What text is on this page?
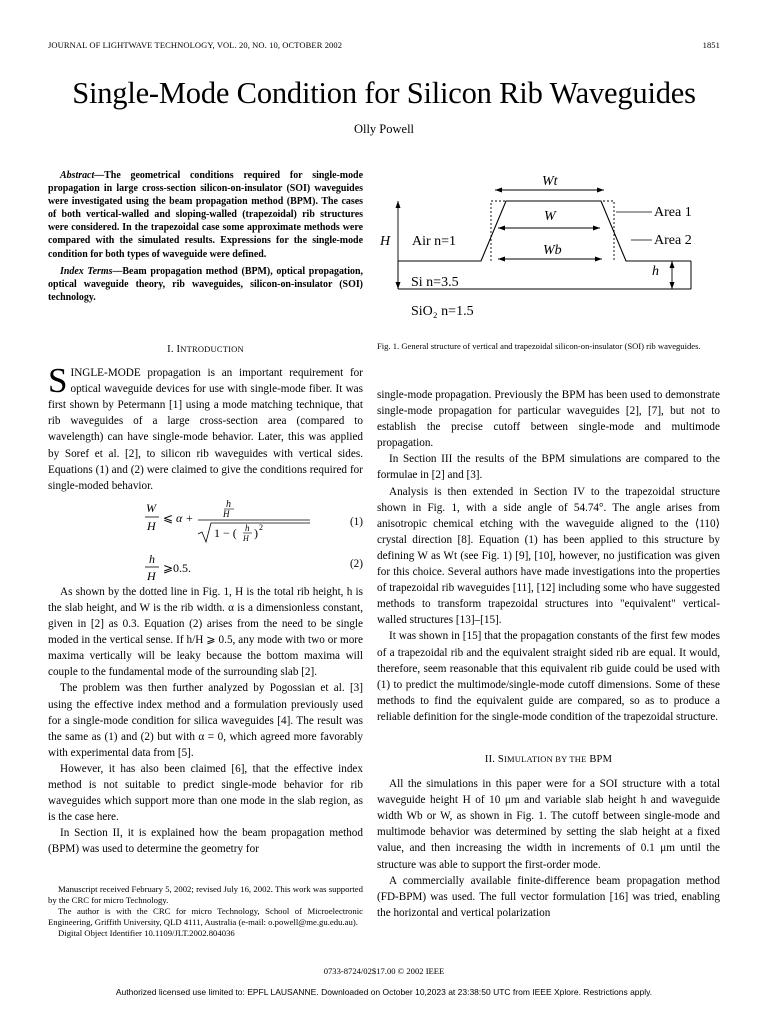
JOURNAL OF LIGHTWAVE TECHNOLOGY, VOL. 20, NO. 10, OCTOBER 2002	1851
Single-Mode Condition for Silicon Rib Waveguides
Olly Powell

Abstract—The geometrical conditions required for single-mode propagation in large cross-section silicon-on-insulator (SOI) waveguides were investigated using the beam propagation method (BPM). The cases of both vertical-walled and sloping-walled (trapezoidal) rib structures were considered. In the trapezoidal case some approximate methods were compared with the simulated results. Expressions for the single-mode condition for both types of waveguide were defined.

Index Terms—Beam propagation method (BPM), optical propagation, optical waveguide theory, rib waveguides, silicon-on-insulator (SOI) technology.

I. INTRODUCTION

SINGLE-MODE propagation is an important requirement for optical waveguide devices for use with single-mode fiber. It was first shown by Petermann [1] using a mode matching technique, that rib waveguides of a large cross-section area (compared to wavelength) can have single-mode behavior. Later, this was applied by Soref et al. [2], to silicon rib waveguides with vertical sides. Equations (1) and (2) were claimed to give the conditions required for single-moded behavior.

W
H
⩽ α +
h
H
1 − ( h
H ) 2	(1)
h
H
⩾0.5.	(2)

As shown by the dotted line in Fig. 1, H is the total rib height, h is the slab height, and W is the rib width. α is a dimensionless constant, given in [2] as 0.3. Equation (2) arises from the need to be single moded in the vertical sense. If h/H ⩾ 0.5, any mode with two or more maxima vertically will be leaky because the bottom maxima will couple to the fundamental mode of the surrounding slab [2].

The problem was then further analyzed by Pogossian et al. [3] using the effective index method and a formulation previously used for a single-mode condition for silica waveguides [4]. The result was the same as (1) and (2) but with α = 0, which agreed more favorably with experimental data from [5].

However, it has also been claimed [6], that the effective index method is not suitable to predict single-mode behavior for rib waveguides which support more than one mode in the slab region, as is the case here.

In Section II, it is explained how the beam propagation method (BPM) was used to determine the geometry for

Manuscript received February 5, 2002; revised July 16, 2002. This work was supported by the CRC for micro Technology.

The author is with the CRC for micro Technology, School of Microelectronic Engineering, Griffith University, QLD 4111, Australia (e-mail: o.powell@me.gu.edu.au).

Digital Object Identifier 10.1109/JLT.2002.804036

Wt
W
Wb
H
h
Area 1
Area 2
Air n=1
Si n=3.5
SiO₂ n=1.5
Fig. 1. General structure of vertical and trapezoidal silicon-on-insulator (SOI) rib waveguides.

single-mode propagation. Previously the BPM has been used to demonstrate single-mode propagation for particular waveguides [2], [7], but not to establish the precise cutoff between single-mode and multimode propagation.

In Section III the results of the BPM simulations are compared to the formulae in [2] and [3].

Analysis is then extended in Section IV to the trapezoidal structure shown in Fig. 1, with a side angle of 54.74°. The angle arises from anisotropic chemical etching with the waveguide aligned to the ⟨110⟩ crystal direction [8]. Equation (1) has been applied to this structure by defining W as Wt (see Fig. 1) [9], [10], however, no justification was given for this choice. Several authors have made investigations into the properties of trapezoidal rib waveguides [11], [12] including some who have suggested methods to transform trapezoidal structures into "equivalent" vertical-walled structures [13]–[15].

It was shown in [15] that the propagation constants of the first few modes of a trapezoidal rib and the equivalent straight sided rib are equal. It would, therefore, seem reasonable that this equivalent rib guide could be used with (1) to predict the multimode/single-mode cutoff dimensions. Some of these methods to find the equivalent guide are compared, so as to produce a reliable definition for the single-mode condition of the trapezoidal structure.

II. SIMULATION BY THE BPM

All the simulations in this paper were for a SOI structure with a total waveguide height H of 10 μm and variable slab height h and waveguide width Wb or W, as shown in Fig. 1. The cutoff between single-mode and multimode behavior was determined by setting the slab height at a fixed value, and then increasing the width in increments of 0.1 μm until the structure was able to support the first-order mode.

A commercially available finite-difference beam propagation method (FD-BPM) was used. The full vector formulation [16] was tried, enabling the horizontal and vertical polarization

0733-8724/02$17.00 © 2002 IEEE
Authorized licensed use limited to: EPFL LAUSANNE. Downloaded on October 10,2023 at 23:38:50 UTC from IEEE Xplore. Restrictions apply.
